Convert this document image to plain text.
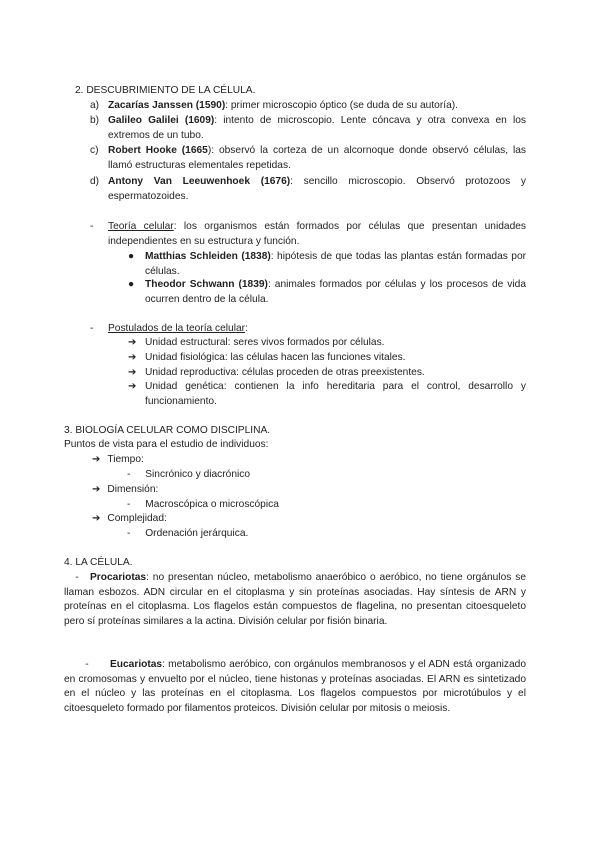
2. DESCUBRIMIENTO DE LA CÉLULA.
a) Zacarías Janssen (1590): primer microscopio óptico (se duda de su autoría).
b) Galileo Galilei (1609): intento de microscopio. Lente cóncava y otra convexa en los extremos de un tubo.
c) Robert Hooke (1665): observó la corteza de un alcornoque donde observó células, las llamó estructuras elementales repetidas.
d) Antony Van Leeuwenhoek (1676): sencillo microscopio. Observó protozoos y espermatozoides.
- Teoría celular: los organismos están formados por células que presentan unidades independientes en su estructura y función.
● Matthias Schleiden (1838): hipótesis de que todas las plantas están formadas por células.
● Theodor Schwann (1839): animales formados por células y los procesos de vida ocurren dentro de la célula.
- Postulados de la teoría celular:
➔ Unidad estructural: seres vivos formados por células.
➔ Unidad fisiológica: las células hacen las funciones vitales.
➔ Unidad reproductiva: células proceden de otras preexistentes.
➔ Unidad genética: contienen la info hereditaria para el control, desarrollo y funcionamiento.
3. BIOLOGÍA CELULAR COMO DISCIPLINA.
Puntos de vista para el estudio de individuos:
➔ Tiempo:
- Sincrónico y diacrónico
➔ Dimensión:
- Macroscópica o microscópica
➔ Complejidad:
- Ordenación jerárquica.
4. LA CÉLULA.
- Procariotas: no presentan núcleo, metabolismo anaeróbico o aeróbico, no tiene orgánulos se llaman esbozos. ADN circular en el citoplasma y sin proteínas asociadas. Hay síntesis de ARN y proteínas en el citoplasma. Los flagelos están compuestos de flagelina, no presentan citoesqueleto pero sí proteínas similares a la actina. División celular por fisión binaria.
- Eucariotas: metabolismo aeróbico, con orgánulos membranosos y el ADN está organizado en cromosomas y envuelto por el núcleo, tiene histonas y proteínas asociadas. El ARN es sintetizado en el núcleo y las proteínas en el citoplasma. Los flagelos compuestos por microtúbulos y el citoesqueleto formado por filamentos proteicos. División celular por mitosis o meiosis.
